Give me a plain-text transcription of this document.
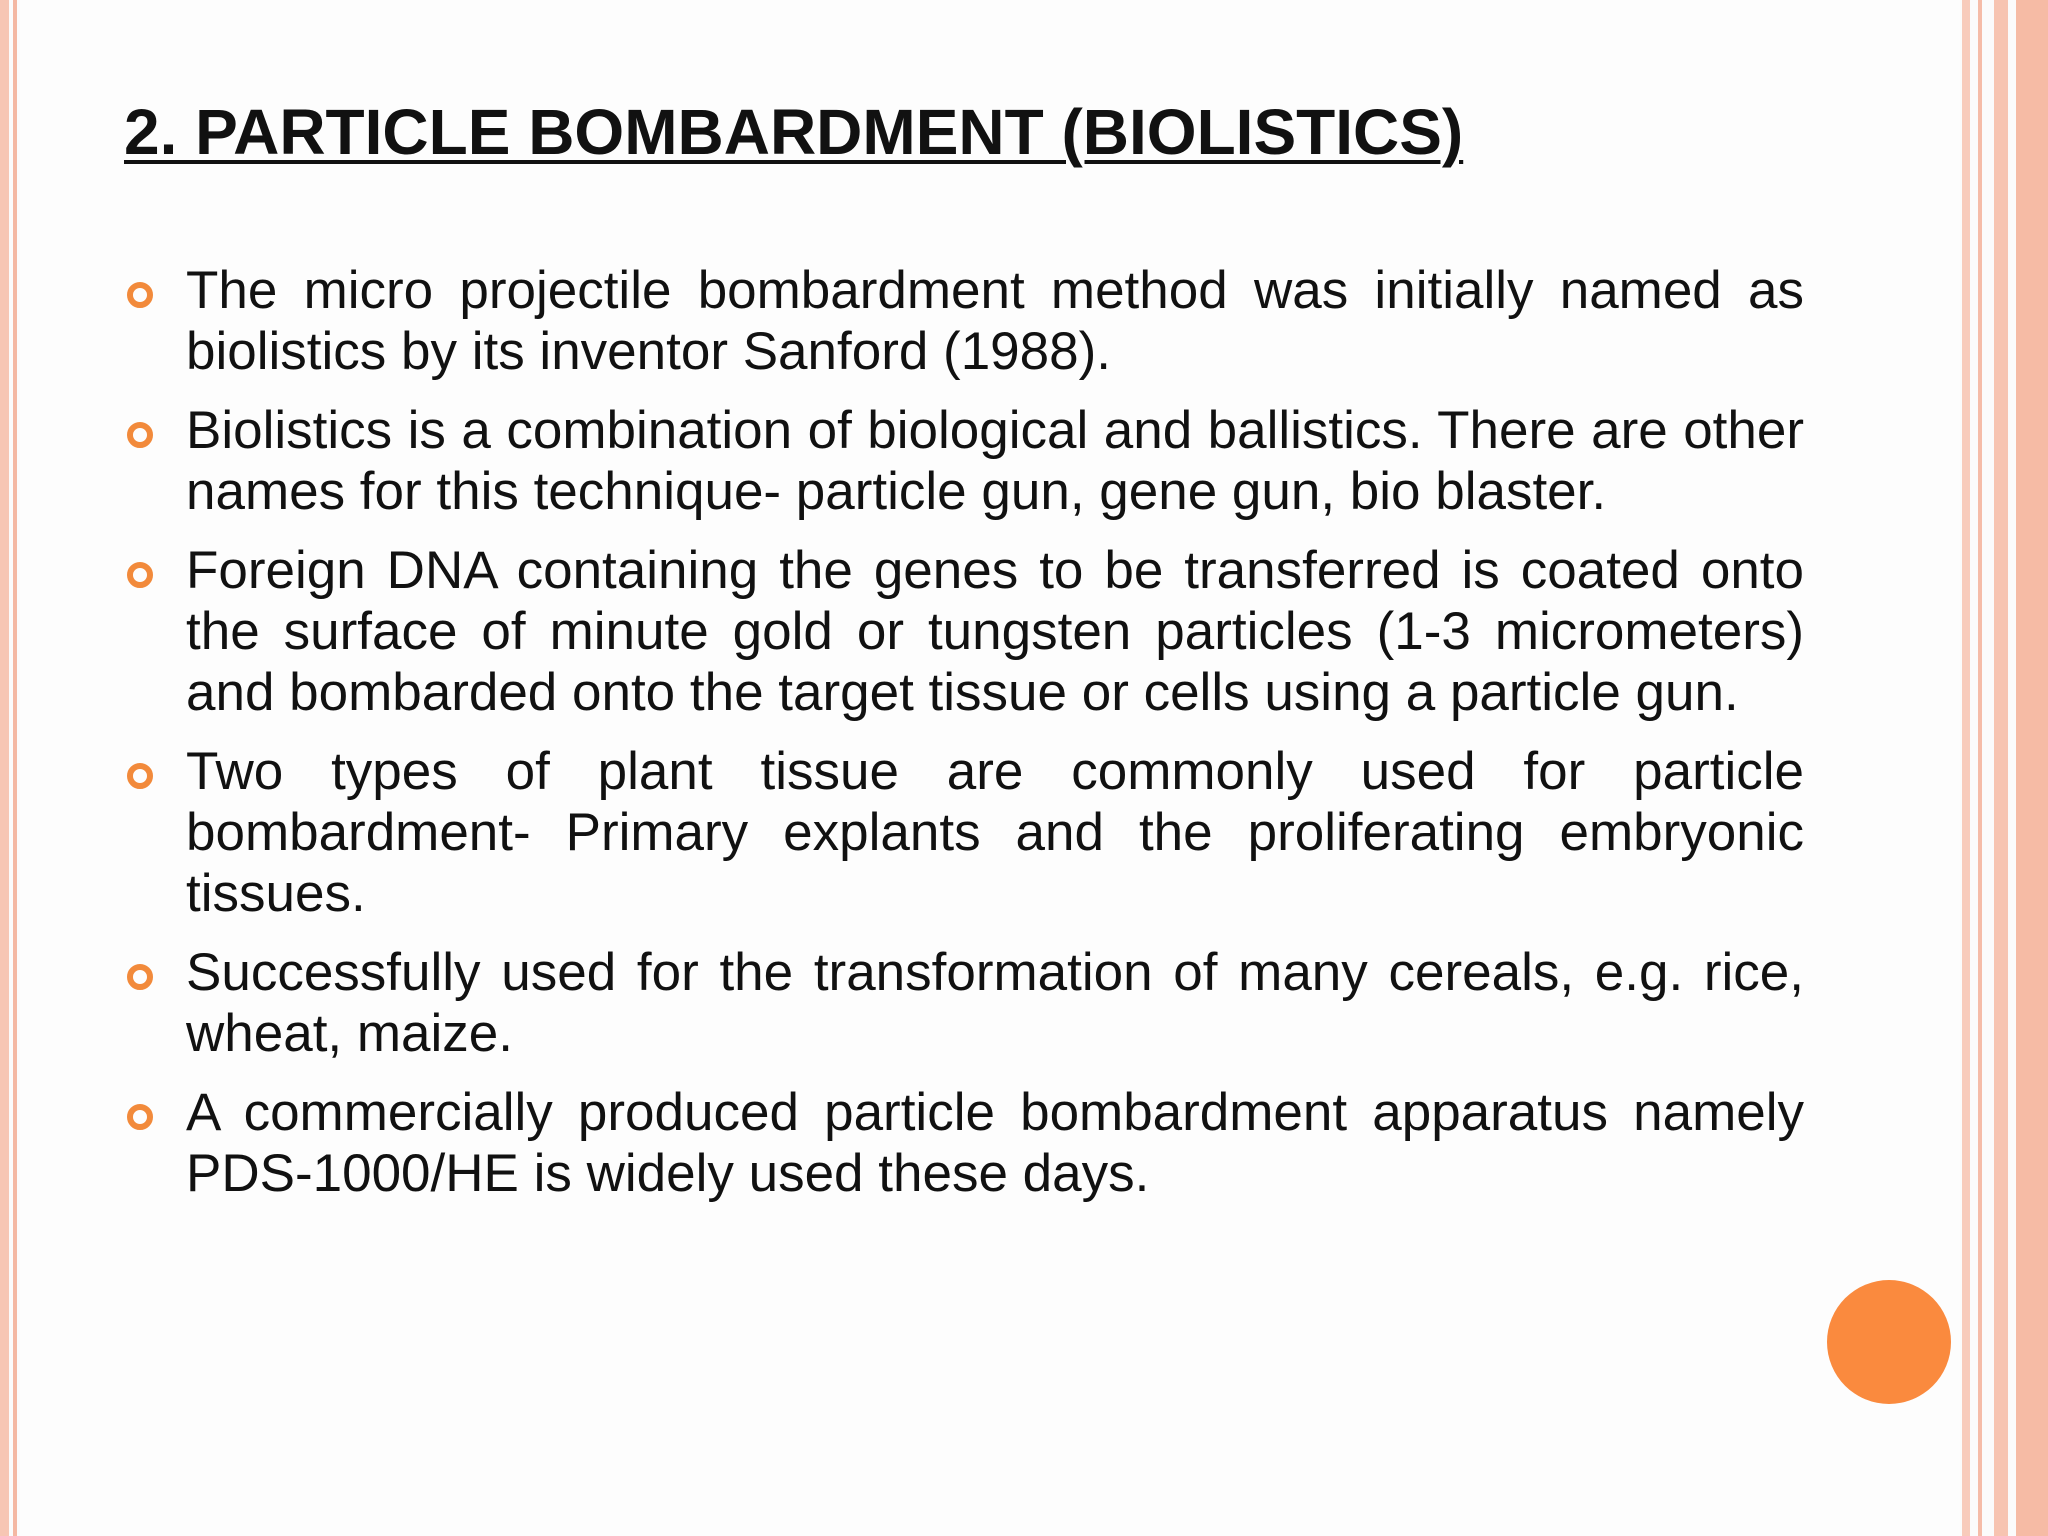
2. PARTICLE BOMBARDMENT (BIOLISTICS)
The micro projectile bombardment method was initially named as biolistics by its inventor Sanford (1988).
Biolistics is a combination of biological and ballistics. There are other names for this technique- particle gun, gene gun, bio blaster.
Foreign DNA containing the genes to be transferred is coated onto the surface of minute gold or tungsten particles (1-3 micrometers) and bombarded onto the target tissue or cells using a particle gun.
Two types of plant tissue are commonly used for particle bombardment- Primary explants and the proliferating embryonic tissues.
Successfully used for the transformation of many cereals, e.g. rice, wheat, maize.
A commercially produced particle bombardment apparatus namely PDS-1000/HE is widely used these days.
